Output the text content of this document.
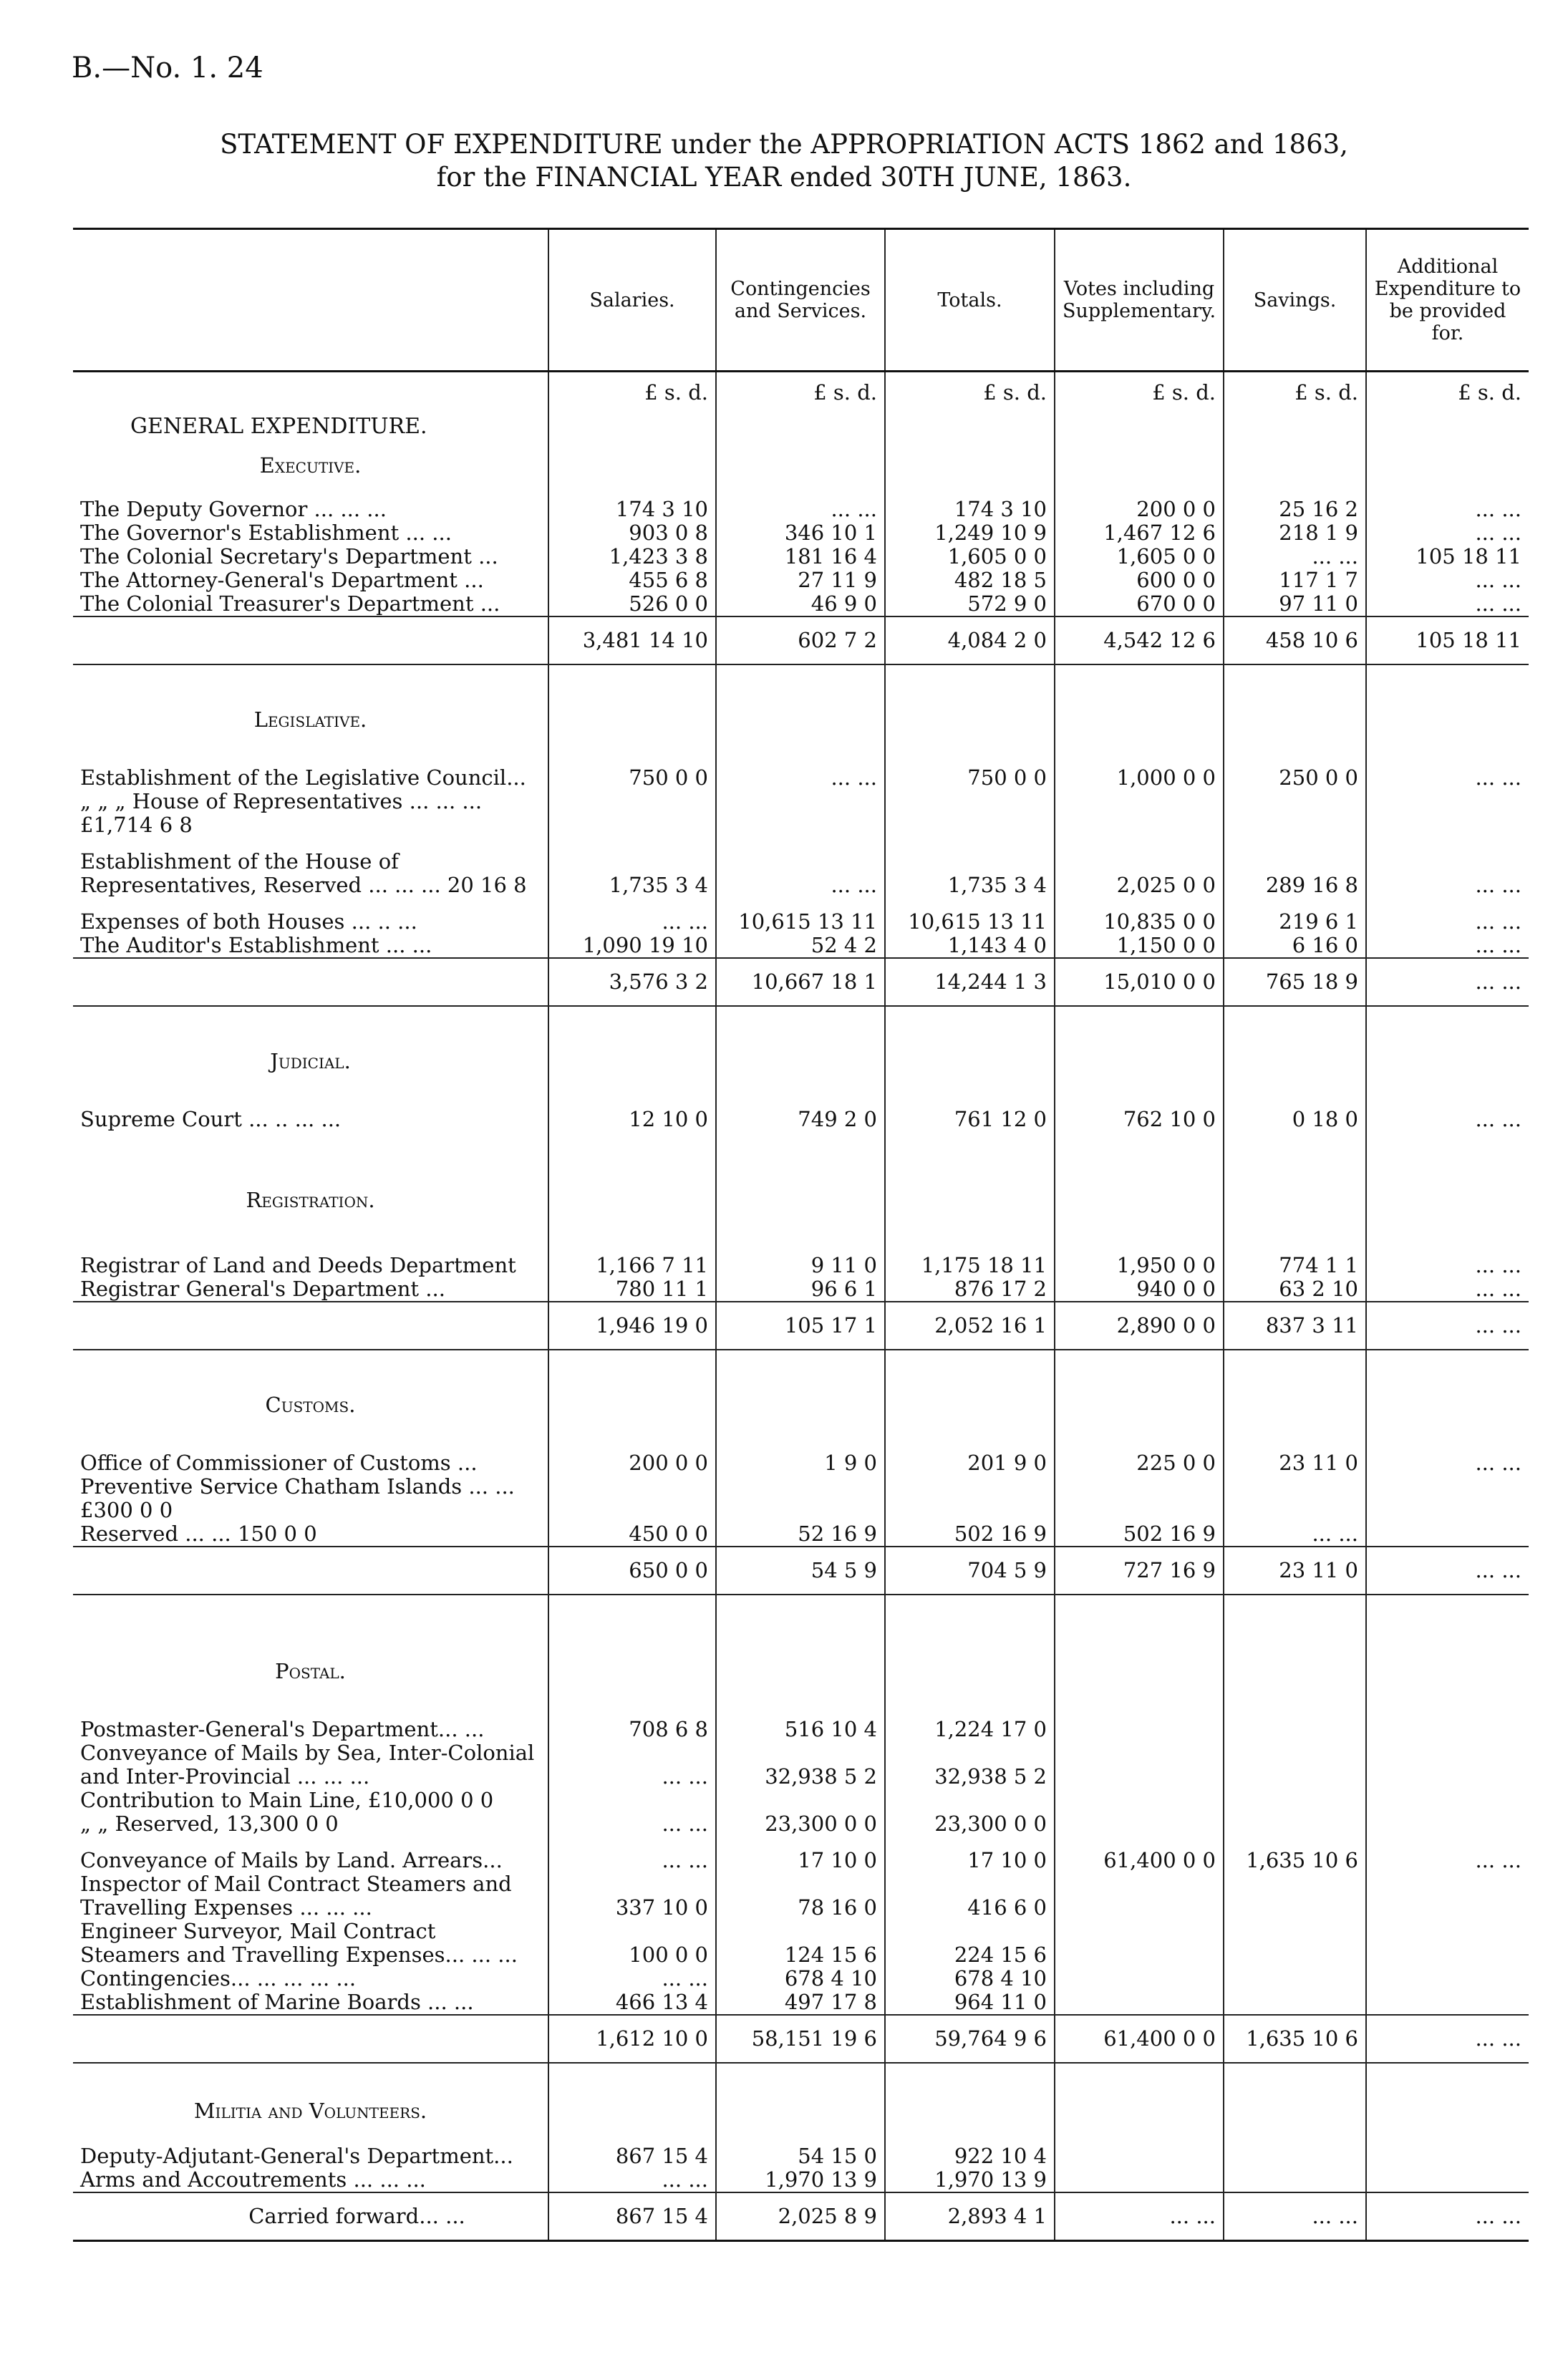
B.—No. 1. 24
STATEMENT OF EXPENDITURE under the APPROPRIATION ACTS 1862 and 1863,
for the FINANCIAL YEAR ended 30TH JUNE, 1863.
	Salaries.	Contingencies and Services.	Totals.	Votes including Supplementary.	Savings.	Additional Expenditure to be provided for.
	£ s. d.	£ s. d.	£ s. d.	£ s. d.	£ s. d.	£ s. d.
GENERAL EXPENDITURE.						
Executive.						
The Deputy Governor ... ... ...	174 3 10	... ...	174 3 10	200 0 0	25 16 2	... ...
The Governor's Establishment ... ...	903 0 8	346 10 1	1,249 10 9	1,467 12 6	218 1 9	... ...
The Colonial Secretary's Department ...	1,423 3 8	181 16 4	1,605 0 0	1,605 0 0	... ...	105 18 11
The Attorney-General's Department ...	455 6 8	27 11 9	482 18 5	600 0 0	117 1 7	... ...
The Colonial Treasurer's Department ...	526 0 0	46 9 0	572 9 0	670 0 0	97 11 0	... ...
	3,481 14 10	602 7 2	4,084 2 0	4,542 12 6	458 10 6	105 18 11
Legislative.						
Establishment of the Legislative Council...	750 0 0	... ...	750 0 0	1,000 0 0	250 0 0	... ...
„ „ „ House of Representatives ... ... ... £1,714 6 8						
Establishment of the House of Representatives, Reserved ... ... ... 20 16 8	1,735 3 4	... ...	1,735 3 4	2,025 0 0	289 16 8	... ...
Expenses of both Houses ... .. ...	... ...	10,615 13 11	10,615 13 11	10,835 0 0	219 6 1	... ...
The Auditor's Establishment ... ...	1,090 19 10	52 4 2	1,143 4 0	1,150 0 0	6 16 0	... ...
	3,576 3 2	10,667 18 1	14,244 1 3	15,010 0 0	765 18 9	... ...
Judicial.						
Supreme Court ... .. ... ...	12 10 0	749 2 0	761 12 0	762 10 0	0 18 0	... ...
Registration.						
Registrar of Land and Deeds Department	1,166 7 11	9 11 0	1,175 18 11	1,950 0 0	774 1 1	... ...
Registrar General's Department ...	780 11 1	96 6 1	876 17 2	940 0 0	63 2 10	... ...
	1,946 19 0	105 17 1	2,052 16 1	2,890 0 0	837 3 11	... ...
Customs.						
Office of Commissioner of Customs ...	200 0 0	1 9 0	201 9 0	225 0 0	23 11 0	... ...
Preventive Service Chatham Islands ... ... £300 0 0						
Reserved ... ... 150 0 0	450 0 0	52 16 9	502 16 9	502 16 9	... ...	
	650 0 0	54 5 9	704 5 9	727 16 9	23 11 0	... ...
Postal.						
Postmaster-General's Department... ...	708 6 8	516 10 4	1,224 17 0			
Conveyance of Mails by Sea, Inter-Colonial and Inter-Provincial ... ... ...	... ...	32,938 5 2	32,938 5 2			
Contribution to Main Line, £10,000 0 0						
„ „ Reserved, 13,300 0 0	... ...	23,300 0 0	23,300 0 0			
Conveyance of Mails by Land. Arrears...	... ...	17 10 0	17 10 0	61,400 0 0	1,635 10 6	... ...
Inspector of Mail Contract Steamers and Travelling Expenses ... ... ...	337 10 0	78 16 0	416 6 0			
Engineer Surveyor, Mail Contract Steamers and Travelling Expenses... ... ...	100 0 0	124 15 6	224 15 6			
Contingencies... ... ... ... ...	... ...	678 4 10	678 4 10			
Establishment of Marine Boards ... ...	466 13 4	497 17 8	964 11 0			
	1,612 10 0	58,151 19 6	59,764 9 6	61,400 0 0	1,635 10 6	... ...
Militia and Volunteers.						
Deputy-Adjutant-General's Department...	867 15 4	54 15 0	922 10 4			
Arms and Accoutrements ... ... ...	... ...	1,970 13 9	1,970 13 9			
Carried forward... ...	867 15 4	2,025 8 9	2,893 4 1	... ...	... ...	... ...
